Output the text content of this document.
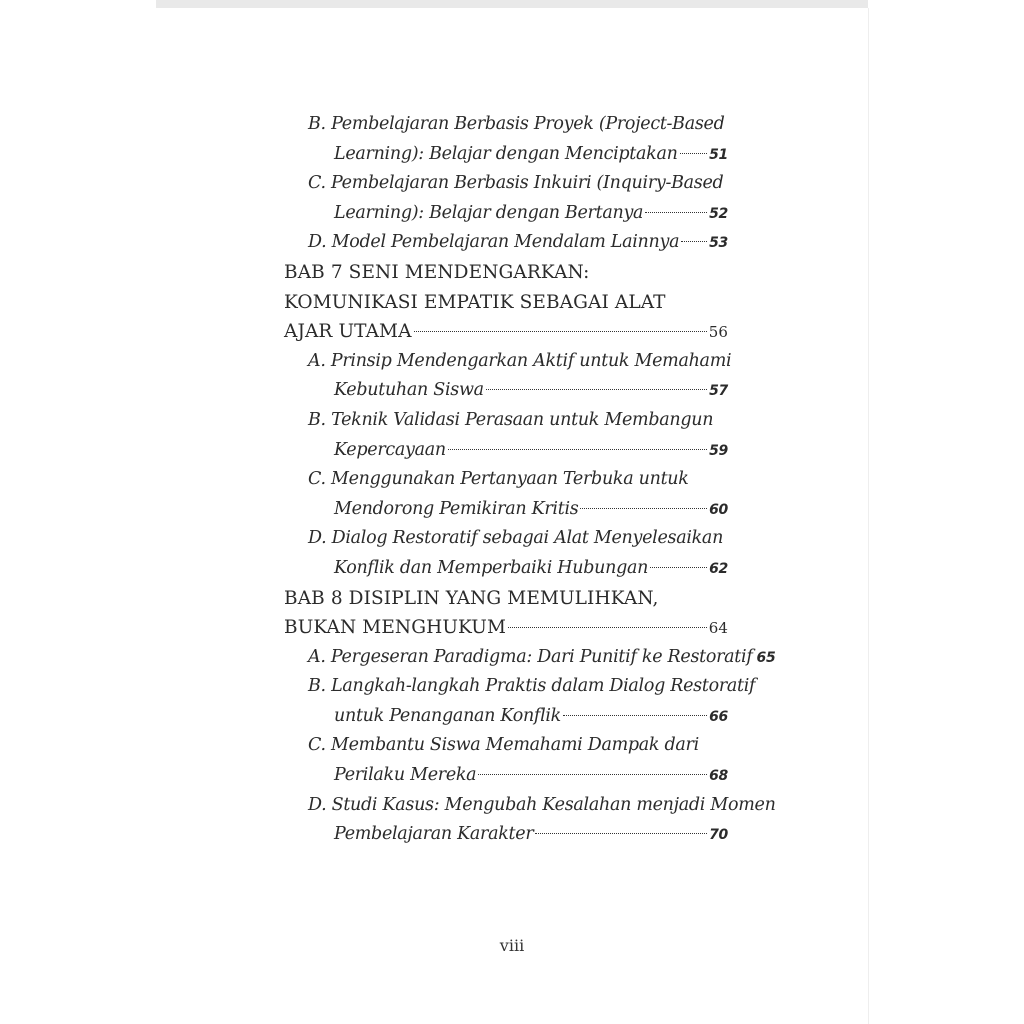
B. Pembelajaran Berbasis Proyek (Project-Based
Learning): Belajar dengan Menciptakan 51
C. Pembelajaran Berbasis Inkuiri (Inquiry-Based
Learning): Belajar dengan Bertanya	52
D. Model Pembelajaran Mendalam Lainnya 53
BAB 7 SENI MENDENGARKAN:
KOMUNIKASI EMPATIK SEBAGAI ALAT
AJAR UTAMA	56
A. Prinsip Mendengarkan Aktif untuk Memahami
Kebutuhan Siswa	57
B. Teknik Validasi Perasaan untuk Membangun
Kepercayaan	59
C. Menggunakan Pertanyaan Terbuka untuk
Mendorong Pemikiran Kritis	60
D. Dialog Restoratif sebagai Alat Menyelesaikan
Konflik dan Memperbaiki Hubungan	62
BAB 8 DISIPLIN YANG MEMULIHKAN,
BUKAN MENGHUKUM	64
A. Pergeseran Paradigma: Dari Punitif ke Restoratif 65
B. Langkah-langkah Praktis dalam Dialog Restoratif
untuk Penanganan Konflik	66
C. Membantu Siswa Memahami Dampak dari
Perilaku Mereka	68
D. Studi Kasus: Mengubah Kesalahan menjadi Momen
Pembelajaran Karakter	70
viii
